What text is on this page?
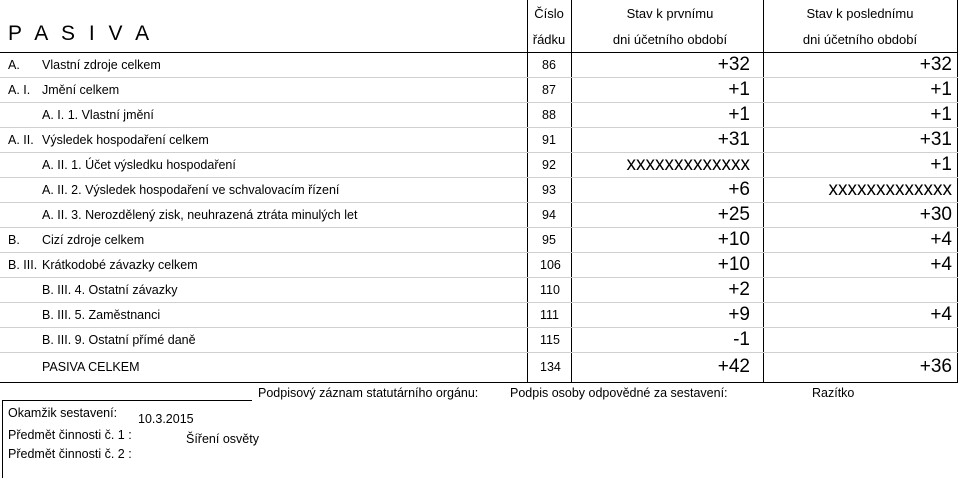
P A S I V A
Číslo
řádku
Stav k prvnímu
dni účetního období
Stav k poslednímu
dni účetního období
A. Vlastní zdroje celkem	86	+32	+32
A. I. Jmění celkem	87	+1	+1
A. I. 1. Vlastní jmění	88	+1	+1
A. II. Výsledek hospodaření celkem	91	+31	+31
A. II. 1. Účet výsledku hospodaření	92	xxxxxxxxxxxxx	+1
A. II. 2. Výsledek hospodaření ve schvalovacím řízení	93	+6	xxxxxxxxxxxxx
A. II. 3. Nerozdělený zisk, neuhrazená ztráta minulých let	94	+25	+30
B. Cizí zdroje celkem	95	+10	+4
B. III. Krátkodobé závazky celkem	106	+10	+4
B. III. 4. Ostatní závazky	110	+2
B. III. 5. Zaměstnanci	111	+9	+4
B. III. 9. Ostatní přímé daně	115	-1
PASIVA CELKEM	134	+42	+36
Podpisový záznam statutárního orgánu:	Podpis osoby odpovědné za sestavení:	Razítko
Okamžik sestavení: 10.3.2015
Předmět činnosti č. 1 :	Šíření osvěty
Předmět činnosti č. 2 :
